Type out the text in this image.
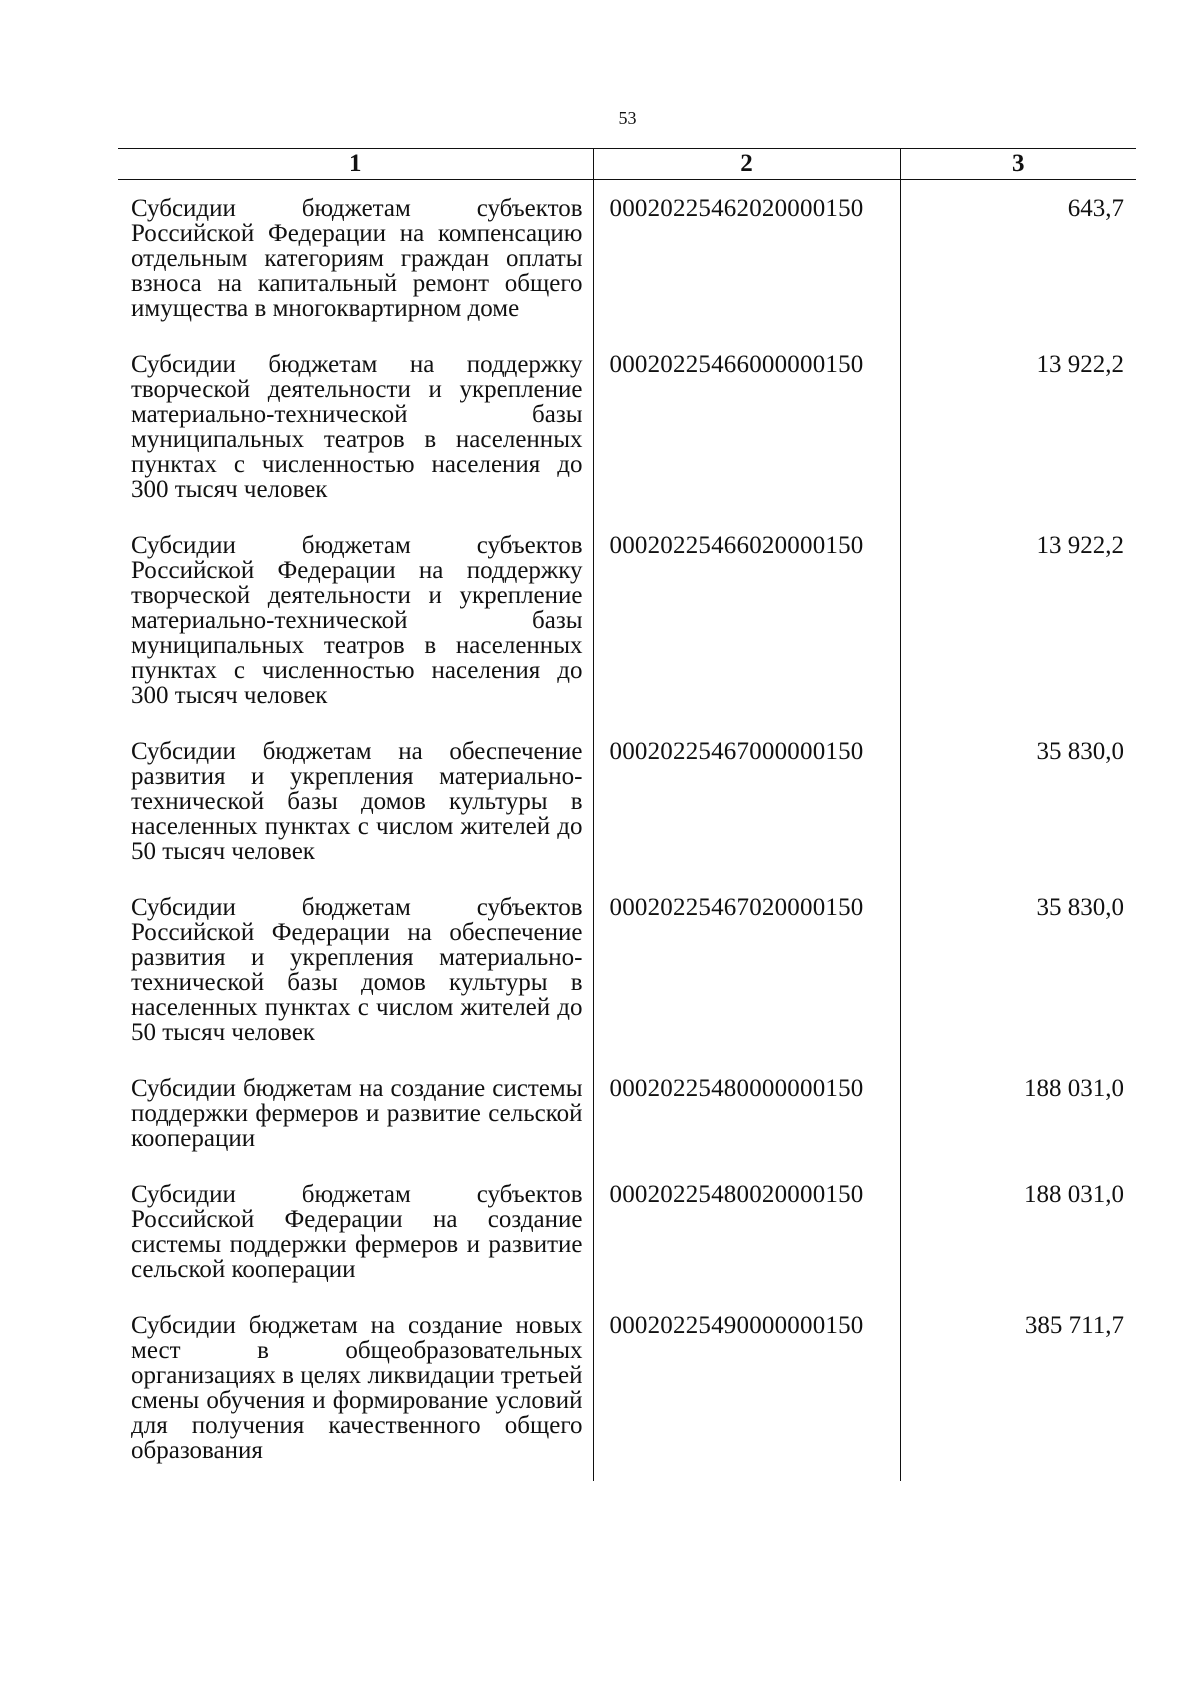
53
1	2	3
Субсидии бюджетам субъектов Российской Федерации на компенсацию отдельным категориям граждан оплаты взноса на капитальный ремонт общего имущества в многоквартирном доме	00020225462020000150	643,7
Субсидии бюджетам на поддержку творческой деятельности и укрепление материально-технической базы муниципальных театров в населенных пунктах с численностью населения до 300 тысяч человек	00020225466000000150	13 922,2
Субсидии бюджетам субъектов Российской Федерации на поддержку творческой деятельности и укрепление материально-технической базы муниципальных театров в населенных пунктах с численностью населения до 300 тысяч человек	00020225466020000150	13 922,2
Субсидии бюджетам на обеспечение развития и укрепления материально-технической базы домов культуры в населенных пунктах с числом жителей до 50 тысяч человек	00020225467000000150	35 830,0
Субсидии бюджетам субъектов Российской Федерации на обеспечение развития и укрепления материально-технической базы домов культуры в населенных пунктах с числом жителей до 50 тысяч человек	00020225467020000150	35 830,0
Субсидии бюджетам на создание системы поддержки фермеров и развитие сельской кооперации	00020225480000000150	188 031,0
Субсидии бюджетам субъектов Российской Федерации на создание системы поддержки фермеров и развитие сельской кооперации	00020225480020000150	188 031,0
Субсидии бюджетам на создание новых мест в общеобразовательных организациях в целях ликвидации третьей смены обучения и формирование условий для получения качественного общего образования	00020225490000000150	385 711,7
